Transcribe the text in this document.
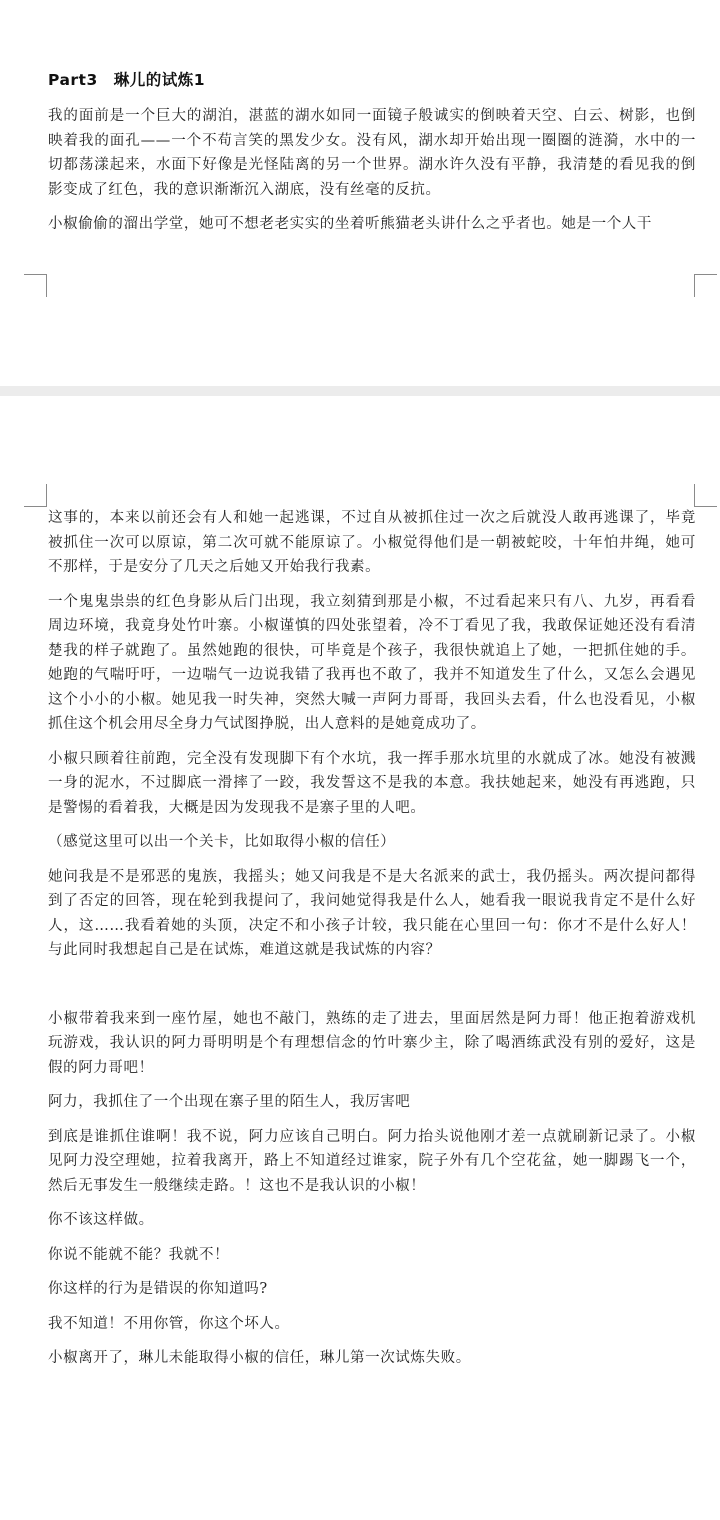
Part3　琳儿的试炼1

我的面前是一个巨大的湖泊，湛蓝的湖水如同一面镜子般诚实的倒映着天空、白云、树影，也倒映着我的面孔——一个不苟言笑的黑发少女。没有风，湖水却开始出现一圈圈的涟漪，水中的一切都荡漾起来，水面下好像是光怪陆离的另一个世界。湖水许久没有平静，我清楚的看见我的倒影变成了红色，我的意识渐渐沉入湖底，没有丝毫的反抗。

小椒偷偷的溜出学堂，她可不想老老实实的坐着听熊猫老头讲什么之乎者也。她是一个人干

这事的，本来以前还会有人和她一起逃课，不过自从被抓住过一次之后就没人敢再逃课了，毕竟被抓住一次可以原谅，第二次可就不能原谅了。小椒觉得他们是一朝被蛇咬，十年怕井绳，她可不那样，于是安分了几天之后她又开始我行我素。

一个鬼鬼祟祟的红色身影从后门出现，我立刻猜到那是小椒，不过看起来只有八、九岁，再看看周边环境，我竟身处竹叶寨。小椒谨慎的四处张望着，冷不丁看见了我，我敢保证她还没有看清楚我的样子就跑了。虽然她跑的很快，可毕竟是个孩子，我很快就追上了她，一把抓住她的手。她跑的气喘吁吁，一边喘气一边说我错了我再也不敢了，我并不知道发生了什么，又怎么会遇见这个小小的小椒。她见我一时失神，突然大喊一声阿力哥哥，我回头去看，什么也没看见，小椒抓住这个机会用尽全身力气试图挣脱，出人意料的是她竟成功了。

小椒只顾着往前跑，完全没有发现脚下有个水坑，我一挥手那水坑里的水就成了冰。她没有被溅一身的泥水，不过脚底一滑摔了一跤，我发誓这不是我的本意。我扶她起来，她没有再逃跑，只是警惕的看着我，大概是因为发现我不是寨子里的人吧。

（感觉这里可以出一个关卡，比如取得小椒的信任）

她问我是不是邪恶的鬼族，我摇头；她又问我是不是大名派来的武士，我仍摇头。两次提问都得到了否定的回答，现在轮到我提问了，我问她觉得我是什么人，她看我一眼说我肯定不是什么好人，这……我看着她的头顶，决定不和小孩子计较，我只能在心里回一句：你才不是什么好人！与此同时我想起自己是在试炼，难道这就是我试炼的内容？

小椒带着我来到一座竹屋，她也不敲门，熟练的走了进去，里面居然是阿力哥！他正抱着游戏机玩游戏，我认识的阿力哥明明是个有理想信念的竹叶寨少主，除了喝酒练武没有别的爱好，这是假的阿力哥吧！

阿力，我抓住了一个出现在寨子里的陌生人，我厉害吧

到底是谁抓住谁啊！我不说，阿力应该自己明白。阿力抬头说他刚才差一点就刷新记录了。小椒见阿力没空理她，拉着我离开，路上不知道经过谁家，院子外有几个空花盆，她一脚踢飞一个，然后无事发生一般继续走路。！这也不是我认识的小椒！

你不该这样做。

你说不能就不能？我就不！

你这样的行为是错误的你知道吗?

我不知道！不用你管，你这个坏人。

小椒离开了，琳儿未能取得小椒的信任，琳儿第一次试炼失败。
